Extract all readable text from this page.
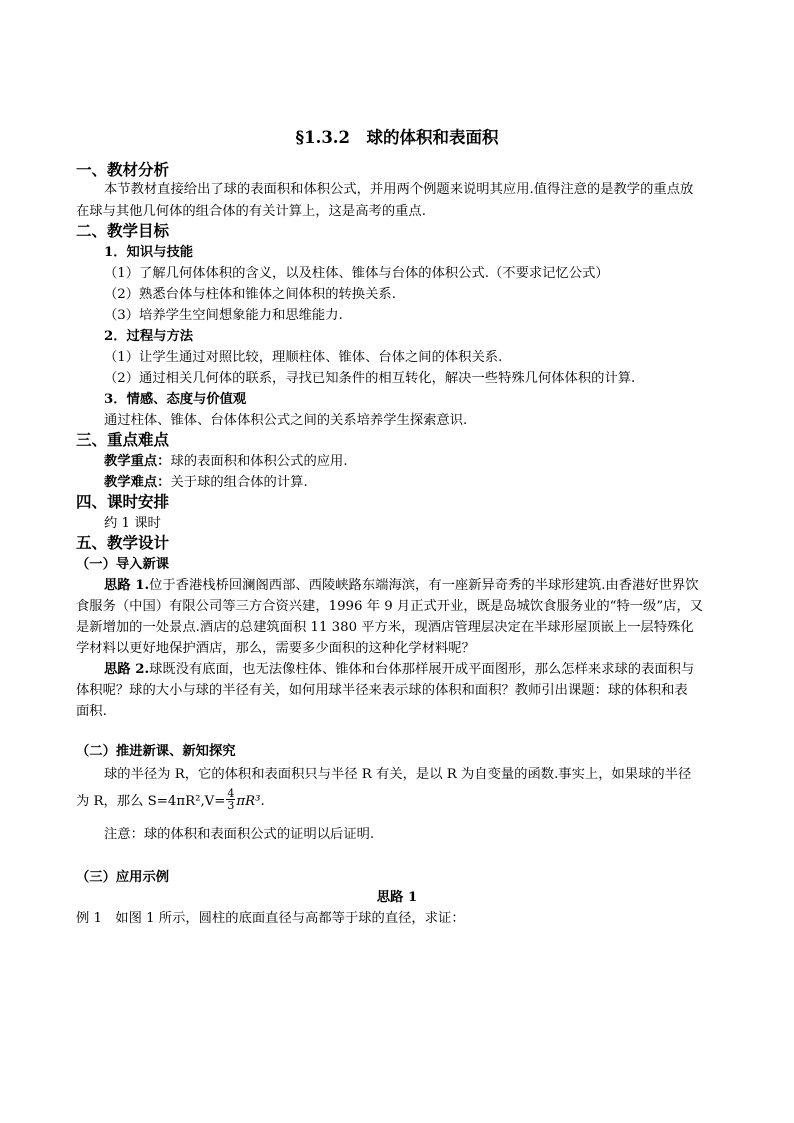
§1.3.2　球的体积和表面积
一、教材分析
本节教材直接给出了球的表面积和体积公式，并用两个例题来说明其应用.值得注意的是教学的重点放
在球与其他几何体的组合体的有关计算上，这是高考的重点.
二、教学目标
1．知识与技能
（1）了解几何体体积的含义，以及柱体、锥体与台体的体积公式.（不要求记忆公式）
（2）熟悉台体与柱体和锥体之间体积的转换关系.
（3）培养学生空间想象能力和思维能力.
2．过程与方法
（1）让学生通过对照比较，理顺柱体、锥体、台体之间的体积关系.
（2）通过相关几何体的联系，寻找已知条件的相互转化，解决一些特殊几何体体积的计算.
3．情感、态度与价值观
通过柱体、锥体、台体体积公式之间的关系培养学生探索意识.
三、重点难点
教学重点：球的表面积和体积公式的应用.
教学难点：关于球的组合体的计算.
四、课时安排
约 1 课时
五、教学设计
（一）导入新课
思路 1.位于香港栈桥回澜阁西部、西陵峡路东端海滨，有一座新异奇秀的半球形建筑.由香港好世界饮
食服务（中国）有限公司等三方合资兴建，1996 年 9 月正式开业，既是岛城饮食服务业的“特一级”店，又
是新增加的一处景点.酒店的总建筑面积 11 380 平方米，现酒店管理层决定在半球形屋顶嵌上一层特殊化
学材料以更好地保护酒店，那么，需要多少面积的这种化学材料呢？
思路 2.球既没有底面，也无法像柱体、锥体和台体那样展开成平面图形，那么怎样来求球的表面积与
体积呢？球的大小与球的半径有关，如何用球半径来表示球的体积和面积？教师引出课题：球的体积和表
面积.
（二）推进新课、新知探究
球的半径为 R，它的体积和表面积只与半径 R 有关，是以 R 为自变量的函数.事实上，如果球的半径
为 R，那么 $S=4\pi R^2,V= \frac{4}{3} \pi R^3$.
注意：球的体积和表面积公式的证明以后证明.
（三）应用示例
思路 1
例 1　如图 1 所示，圆柱的底面直径与高都等于球的直径，求证：
